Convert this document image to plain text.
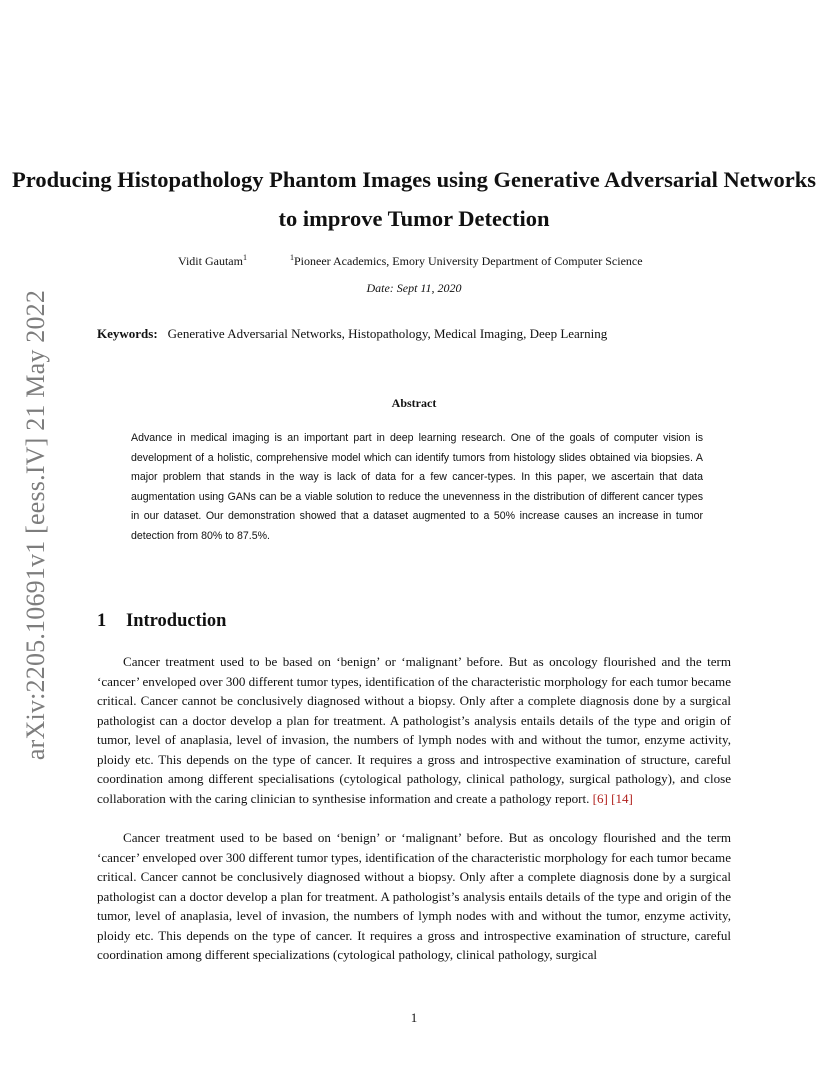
arXiv:2205.10691v1 [eess.IV] 21 May 2022
Producing Histopathology Phantom Images using Generative Adversarial Networks to improve Tumor Detection
Vidit Gautam$^1$	$^1$Pioneer Academics, Emory University Department of Computer Science
Date: Sept 11, 2020
Keywords: Generative Adversarial Networks, Histopathology, Medical Imaging, Deep Learning
Abstract
Advance in medical imaging is an important part in deep learning research. One of the goals of computer vision is development of a holistic, comprehensive model which can identify tumors from histology slides obtained via biopsies. A major problem that stands in the way is lack of data for a few cancer-types. In this paper, we ascertain that data augmentation using GANs can be a viable solution to reduce the unevenness in the distribution of different cancer types in our dataset. Our demonstration showed that a dataset augmented to a 50% increase causes an increase in tumor detection from 80% to 87.5%.
1 Introduction

Cancer treatment used to be based on ‘benign’ or ‘malignant’ before. But as oncology flourished and the term ‘cancer’ enveloped over 300 different tumor types, identification of the characteristic morphology for each tumor became critical. Cancer cannot be conclusively diagnosed without a biopsy. Only after a complete diagnosis done by a surgical pathologist can a doctor develop a plan for treatment. A pathologist’s analysis entails details of the type and origin of tumor, level of anaplasia, level of invasion, the numbers of lymph nodes with and without the tumor, enzyme activity, ploidy etc. This depends on the type of cancer. It requires a gross and introspective examination of structure, careful coordination among different specialisations (cytological pathology, clinical pathology, surgical pathology), and close collaboration with the caring clinician to synthesise information and create a pathology report. [6] [14]

Cancer treatment used to be based on ‘benign’ or ‘malignant’ before. But as oncology flourished and the term ‘cancer’ enveloped over 300 different tumor types, identification of the characteristic morphology for each tumor became critical. Cancer cannot be conclusively diagnosed without a biopsy. Only after a complete diagnosis done by a surgical pathologist can a doctor develop a plan for treatment. A pathologist’s analysis entails details of the type and origin of the tumor, level of anaplasia, level of invasion, the numbers of lymph nodes with and without the tumor, enzyme activity, ploidy etc. This depends on the type of cancer. It requires a gross and introspective examination of structure, careful coordination among different specializations (cytological pathology, clinical pathology, surgical

1
